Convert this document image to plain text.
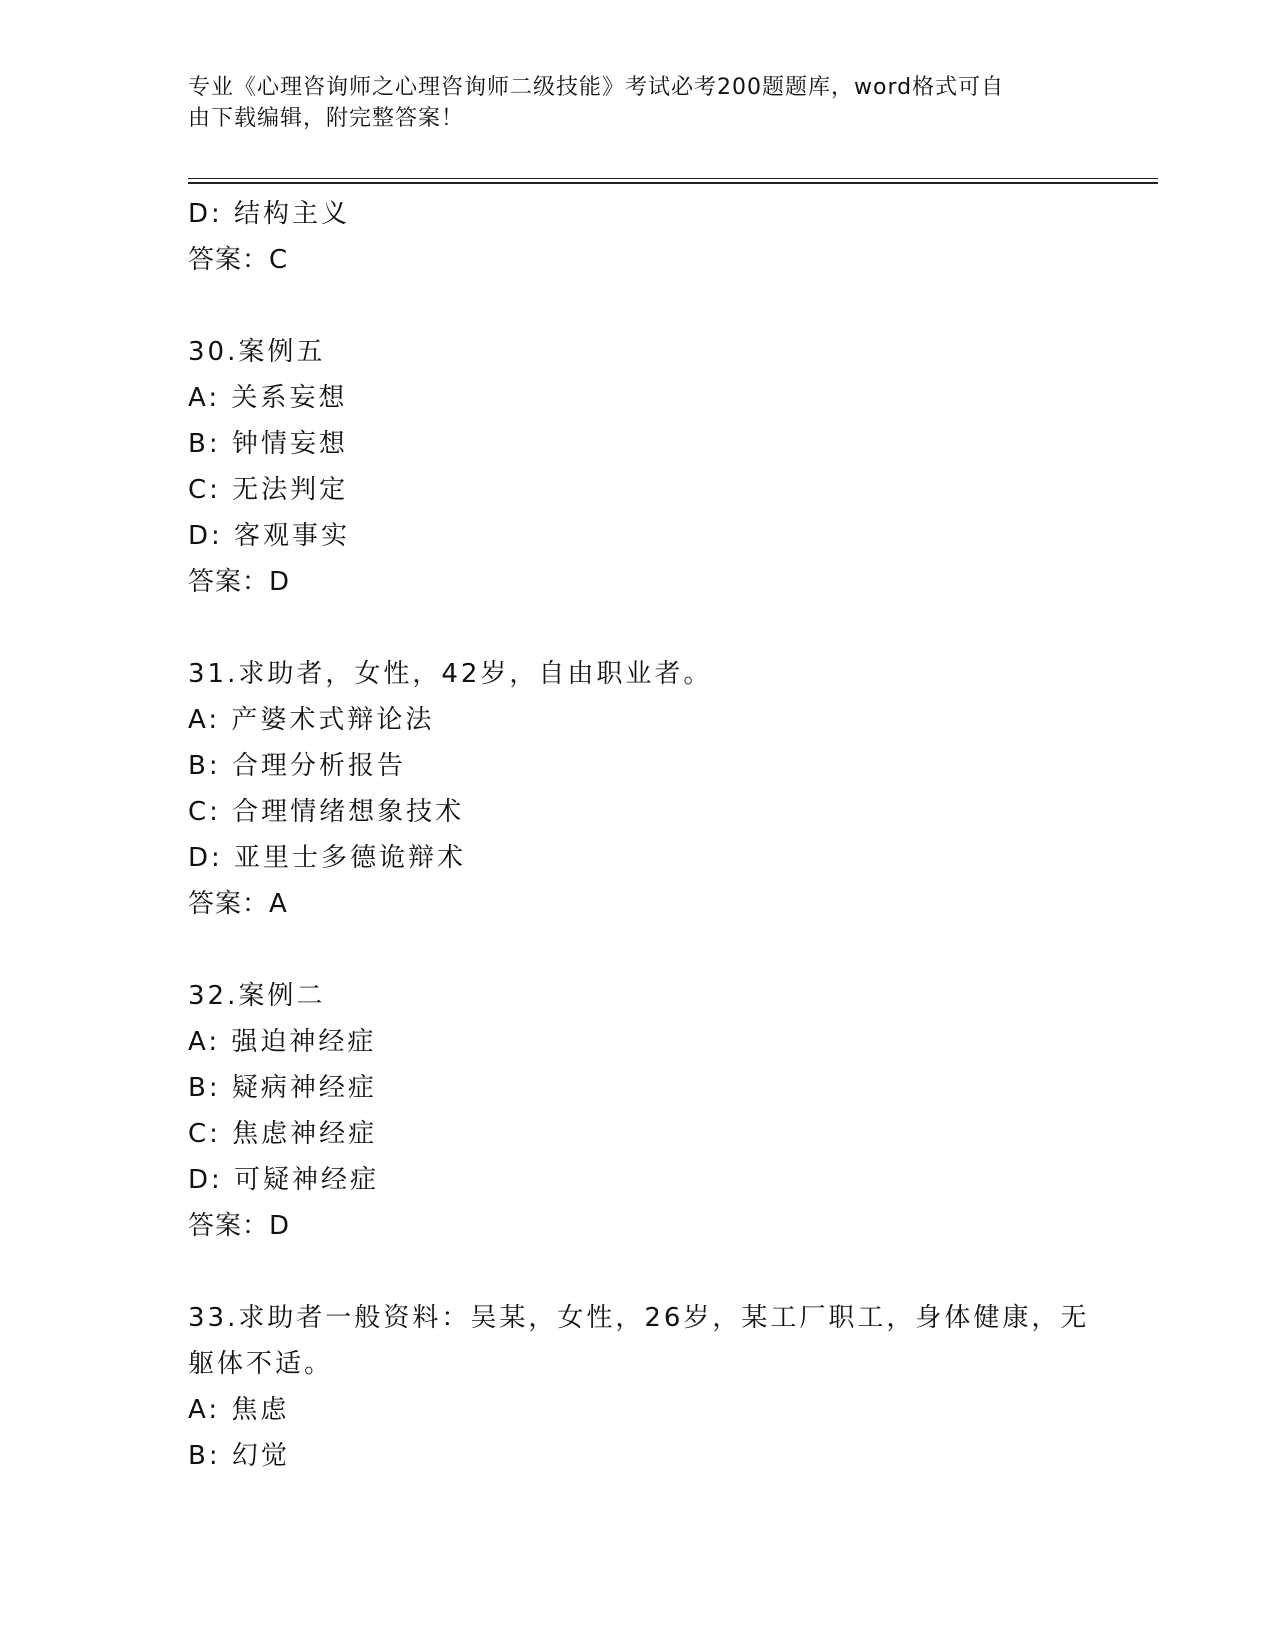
专业《心理咨询师之心理咨询师二级技能》考试必考200题题库，word格式可自
由下载编辑，附完整答案！
D: 结构主义
答案：C
30.案例五
A: 关系妄想
B: 钟情妄想
C: 无法判定
D: 客观事实
答案：D
31.求助者，女性，42岁，自由职业者。
A: 产婆术式辩论法
B: 合理分析报告
C: 合理情绪想象技术
D: 亚里士多德诡辩术
答案：A
32.案例二
A: 强迫神经症
B: 疑病神经症
C: 焦虑神经症
D: 可疑神经症
答案：D
33.求助者一般资料：吴某，女性，26岁，某工厂职工，身体健康，无
躯体不适。
A: 焦虑
B: 幻觉
